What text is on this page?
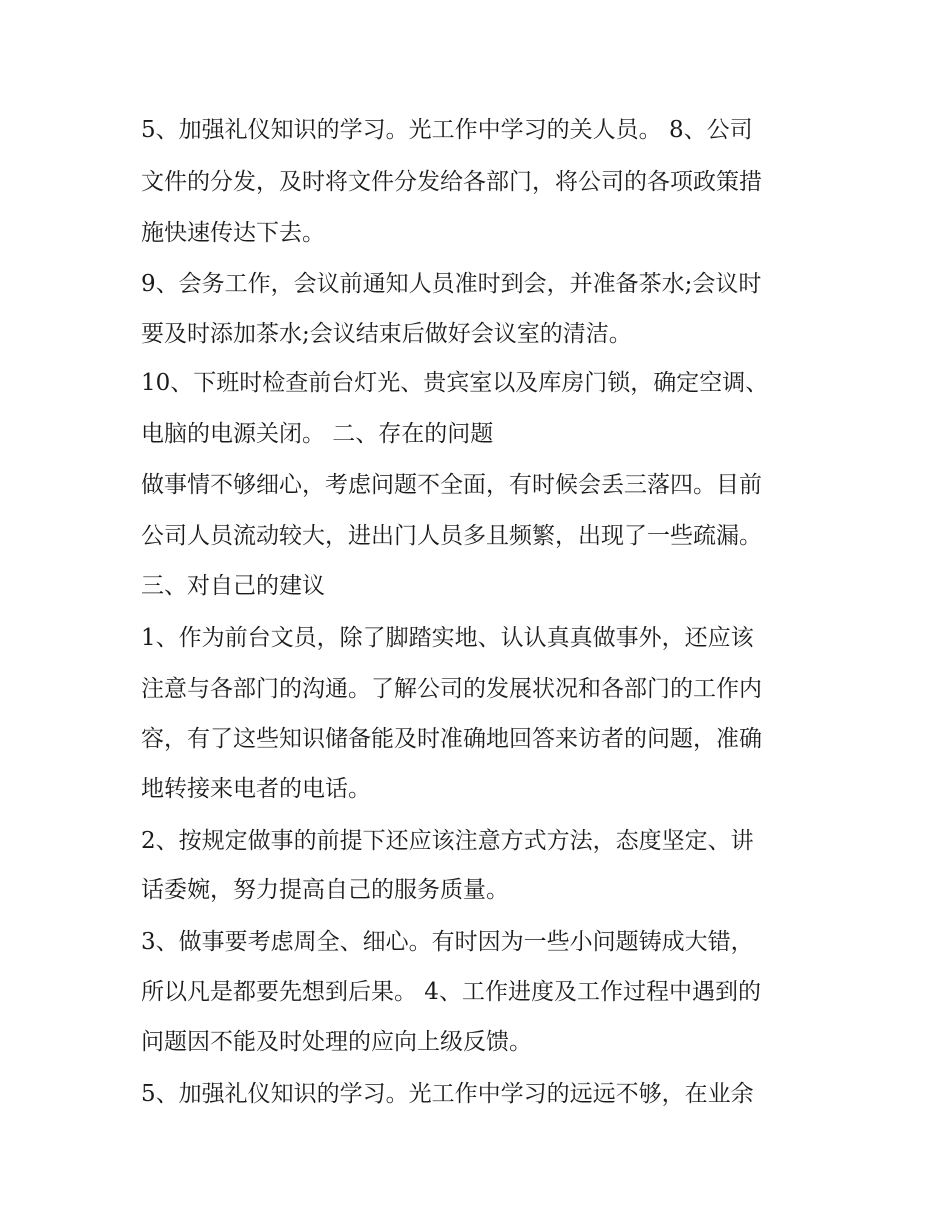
5、加强礼仪知识的学习。光工作中学习的关人员。 8、公司
文件的分发，及时将文件分发给各部门，将公司的各项政策措
施快速传达下去。
9、会务工作，会议前通知人员准时到会，并准备茶水;会议时
要及时添加茶水;会议结束后做好会议室的清洁。
10、下班时检查前台灯光、贵宾室以及库房门锁，确定空调、
电脑的电源关闭。 二、存在的问题
做事情不够细心，考虑问题不全面，有时候会丢三落四。目前
公司人员流动较大，进出门人员多且频繁，出现了一些疏漏。
三、对自己的建议
1、作为前台文员，除了脚踏实地、认认真真做事外，还应该
注意与各部门的沟通。了解公司的发展状况和各部门的工作内
容，有了这些知识储备能及时准确地回答来访者的问题，准确
地转接来电者的电话。
2、按规定做事的前提下还应该注意方式方法，态度坚定、讲
话委婉，努力提高自己的服务质量。
3、做事要考虑周全、细心。有时因为一些小问题铸成大错，
所以凡是都要先想到后果。 4、工作进度及工作过程中遇到的
问题因不能及时处理的应向上级反馈。
5、加强礼仪知识的学习。光工作中学习的远远不够，在业余
